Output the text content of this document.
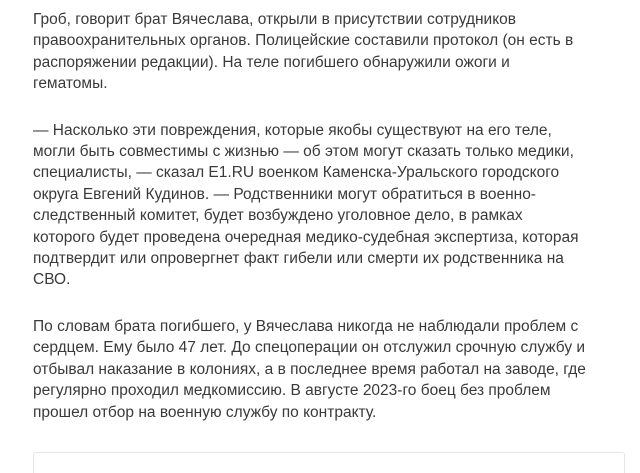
Гроб, говорит брат Вячеслава, открыли в присутствии сотрудников
правоохранительных органов. Полицейские составили протокол (он есть в
распоряжении редакции). На теле погибшего обнаружили ожоги и
гематомы.

— Насколько эти повреждения, которые якобы существуют на его теле,
могли быть совместимы с жизнью — об этом могут сказать только медики,
специалисты, — сказал E1.RU военком Каменска-Уральского городского
округа Евгений Кудинов. — Родственники могут обратиться в военно-
следственный комитет, будет возбуждено уголовное дело, в рамках
которого будет проведена очередная медико-судебная экспертиза, которая
подтвердит или опровергнет факт гибели или смерти их родственника на
СВО.

По словам брата погибшего, у Вячеслава никогда не наблюдали проблем с
сердцем. Ему было 47 лет. До спецоперации он отслужил срочную службу и
отбывал наказание в колониях, а в последнее время работал на заводе, где
регулярно проходил медкомиссию. В августе 2023-го боец без проблем
прошел отбор на военную службу по контракту.
